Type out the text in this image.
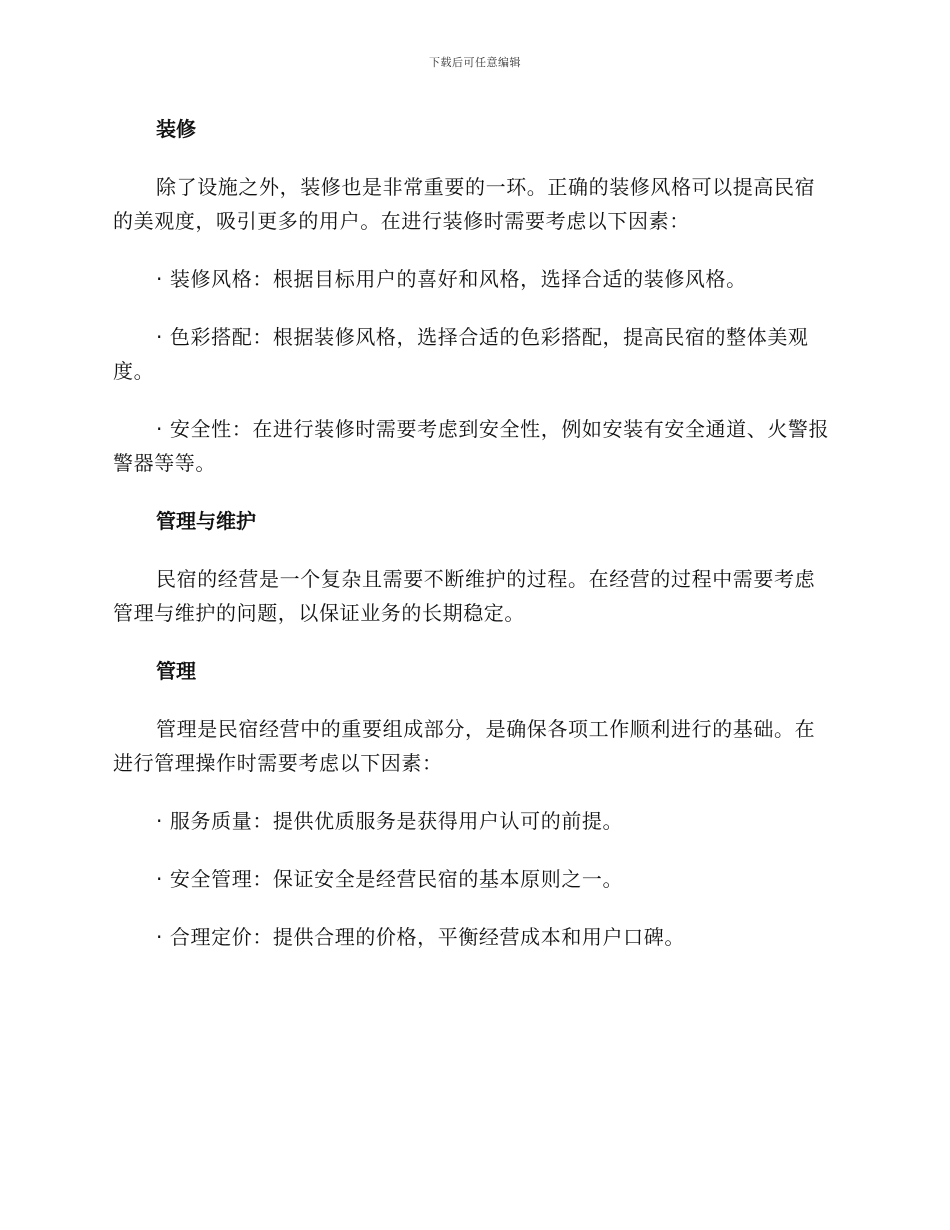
下载后可任意编辑
装修
除了设施之外，装修也是非常重要的一环。正确的装修风格可以提高民宿的美观度，吸引更多的用户。在进行装修时需要考虑以下因素：
· 装修风格：根据目标用户的喜好和风格，选择合适的装修风格。
· 色彩搭配：根据装修风格，选择合适的色彩搭配，提高民宿的整体美观度。
· 安全性：在进行装修时需要考虑到安全性，例如安装有安全通道、火警报警器等等。
管理与维护
民宿的经营是一个复杂且需要不断维护的过程。在经营的过程中需要考虑管理与维护的问题，以保证业务的长期稳定。
管理
管理是民宿经营中的重要组成部分，是确保各项工作顺利进行的基础。在进行管理操作时需要考虑以下因素：
· 服务质量：提供优质服务是获得用户认可的前提。
· 安全管理：保证安全是经营民宿的基本原则之一。
· 合理定价：提供合理的价格，平衡经营成本和用户口碑。
